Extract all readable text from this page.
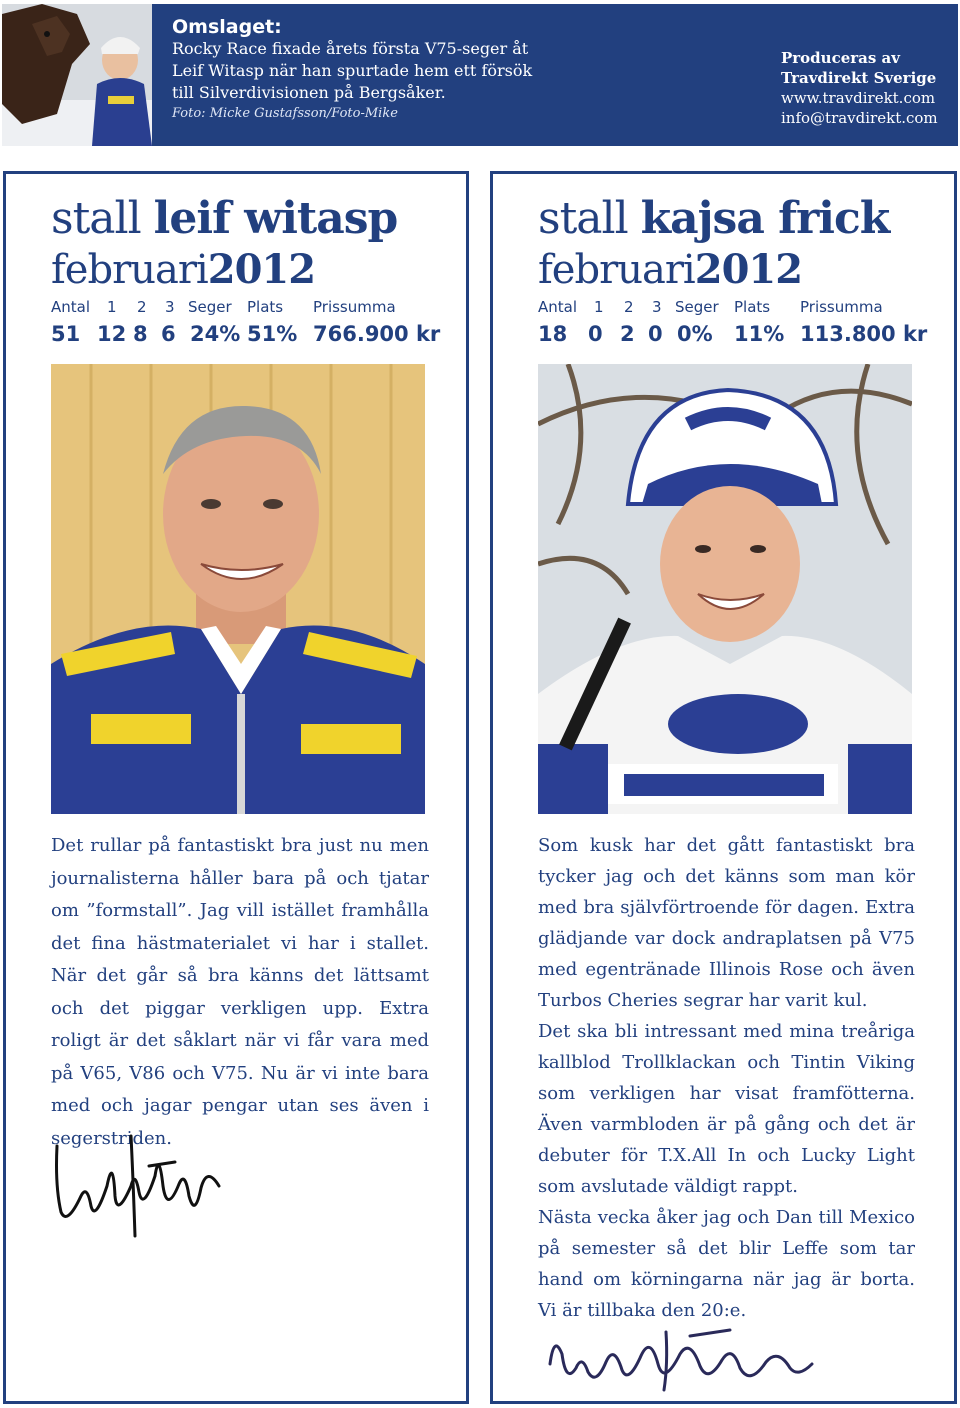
Omslaget:
Rocky Race fixade årets första V75-seger åt
Leif Witasp när han spurtade hem ett försök
till Silverdivisionen på Bergsåker.
Foto: Micke Gustafsson/Foto-Mike
Produceras av
Travdirekt Sverige
www.travdirekt.com
info@travdirekt.com
stall leif witasp
februari2012
Antal 1 2 3 Seger Plats Prissumma
51 12 8 6 24% 51% 766.900 kr

Det rullar på fantastiskt bra just nu men journalisterna håller bara på och tjatar om ”formstall”. Jag vill istället framhålla det fina hästmaterialet vi har i stallet. När det går så bra känns det lättsamt och det piggar verkligen upp. Extra roligt är det såklart när vi får vara med på V65, V86 och V75. Nu är vi inte bara med och jagar pengar utan ses även i segerstriden.

stall kajsa frick
februari2012
Antal 1 2 3 Seger Plats Prissumma
18 0 2 0 0% 11% 113.800 kr

Som kusk har det gått fantastiskt bra tycker jag och det känns som man kör med bra självförtroende för dagen. Extra glädjande var dock andraplatsen på V75 med egentränade Illinois Rose och även Turbos Cheries segrar har varit kul.

Det ska bli intressant med mina treåriga kallblod Trollklackan och Tintin Viking som verkligen har visat framfötterna. Även varmbloden är på gång och det är debuter för T.X.All In och Lucky Light som avslutade väldigt rappt.

Nästa vecka åker jag och Dan till Mexico på semester så det blir Leffe som tar hand om körningarna när jag är borta. Vi är tillbaka den 20:e.
